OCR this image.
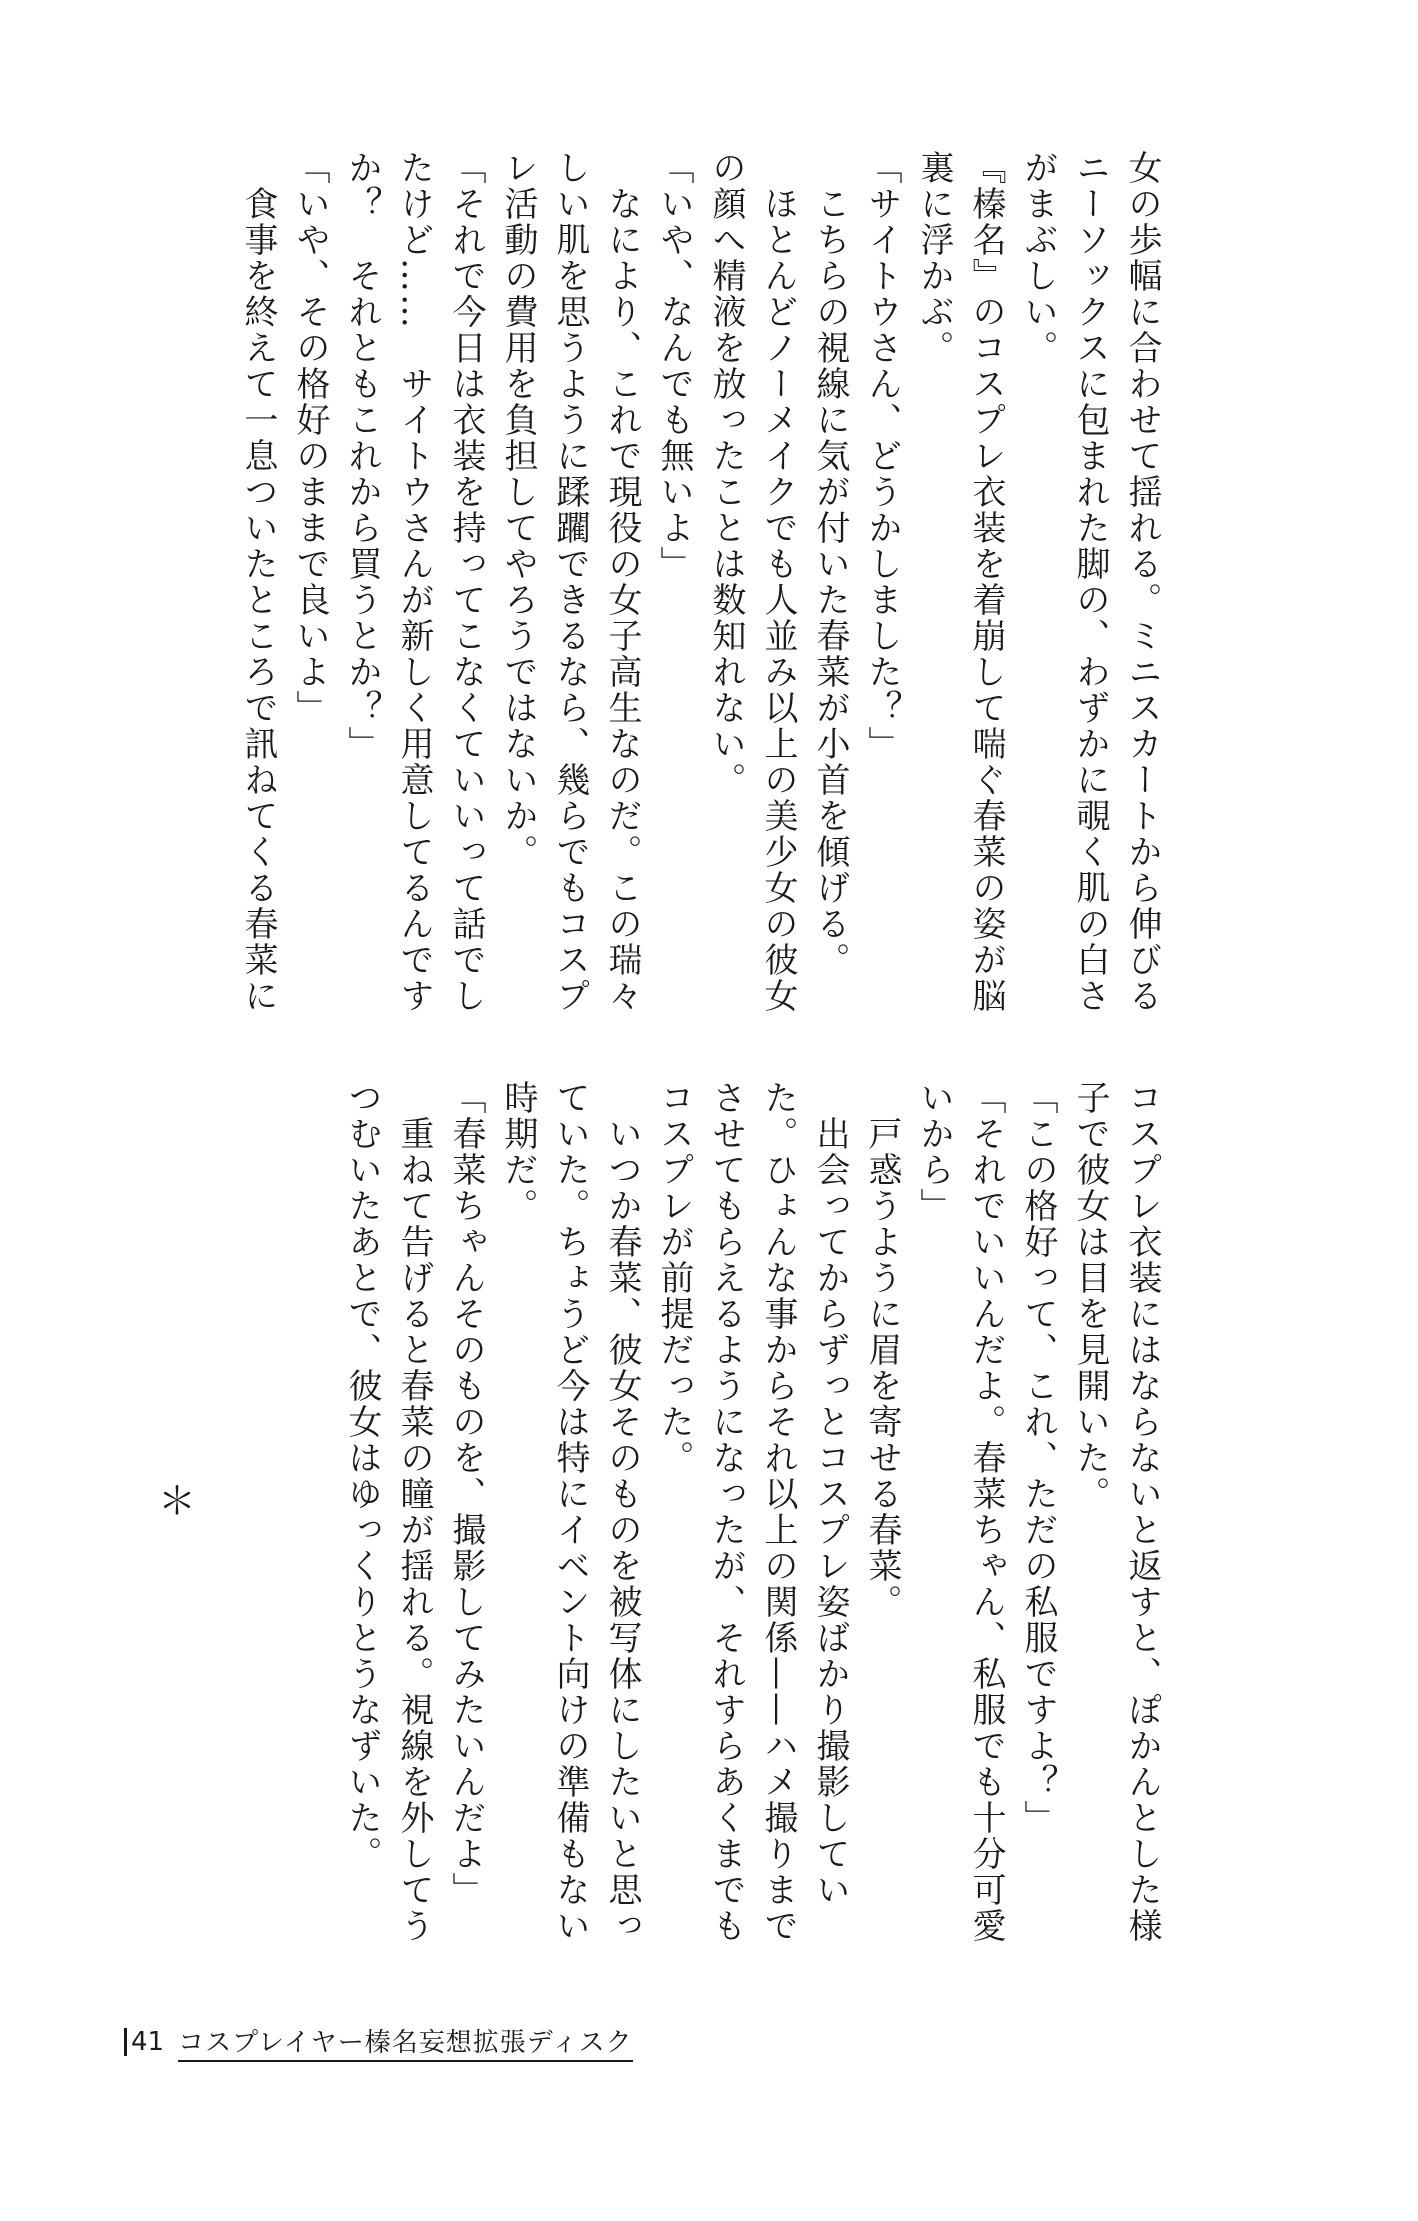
女の歩幅に合わせて揺れる。ミニスカートから伸びる

ニーソックスに包まれた脚の、わずかに覗く肌の白さ

がまぶしい。

『榛名』のコスプレ衣装を着崩して喘ぐ春菜の姿が脳

裏に浮かぶ。

「サイトウさん、どうかしました？」

　こちらの視線に気が付いた春菜が小首を傾げる。

　ほとんどノーメイクでも人並み以上の美少女の彼女

の顔へ精液を放ったことは数知れない。

「いや、なんでも無いよ」

　なにより、これで現役の女子高生なのだ。この瑞々

しい肌を思うように蹂躙できるなら、幾らでもコスプ

レ活動の費用を負担してやろうではないか。

「それで今日は衣装を持ってこなくていいって話でし

たけど……　サイトウさんが新しく用意してるんです

か？　それともこれから買うとか？」

「いや、その格好のままで良いよ」

　食事を終えて一息ついたところで訊ねてくる春菜に

コスプレ衣装にはならないと返すと、ぽかんとした様

子で彼女は目を見開いた。

「この格好って、これ、ただの私服ですよ？」

「それでいいんだよ。春菜ちゃん、私服でも十分可愛

いから」

　戸惑うように眉を寄せる春菜。

　出会ってからずっとコスプレ姿ばかり撮影してい

た。ひょんな事からそれ以上の関係——ハメ撮りまで

させてもらえるようになったが、それすらあくまでも

コスプレが前提だった。

　いつか春菜、彼女そのものを被写体にしたいと思っ

ていた。ちょうど今は特にイベント向けの準備もない

時期だ。

「春菜ちゃんそのものを、撮影してみたいんだよ」

　重ねて告げると春菜の瞳が揺れる。視線を外してう

つむいたあとで、彼女はゆっくりとうなずいた。

＊
41 コスプレイヤー榛名妄想拡張ディスク
